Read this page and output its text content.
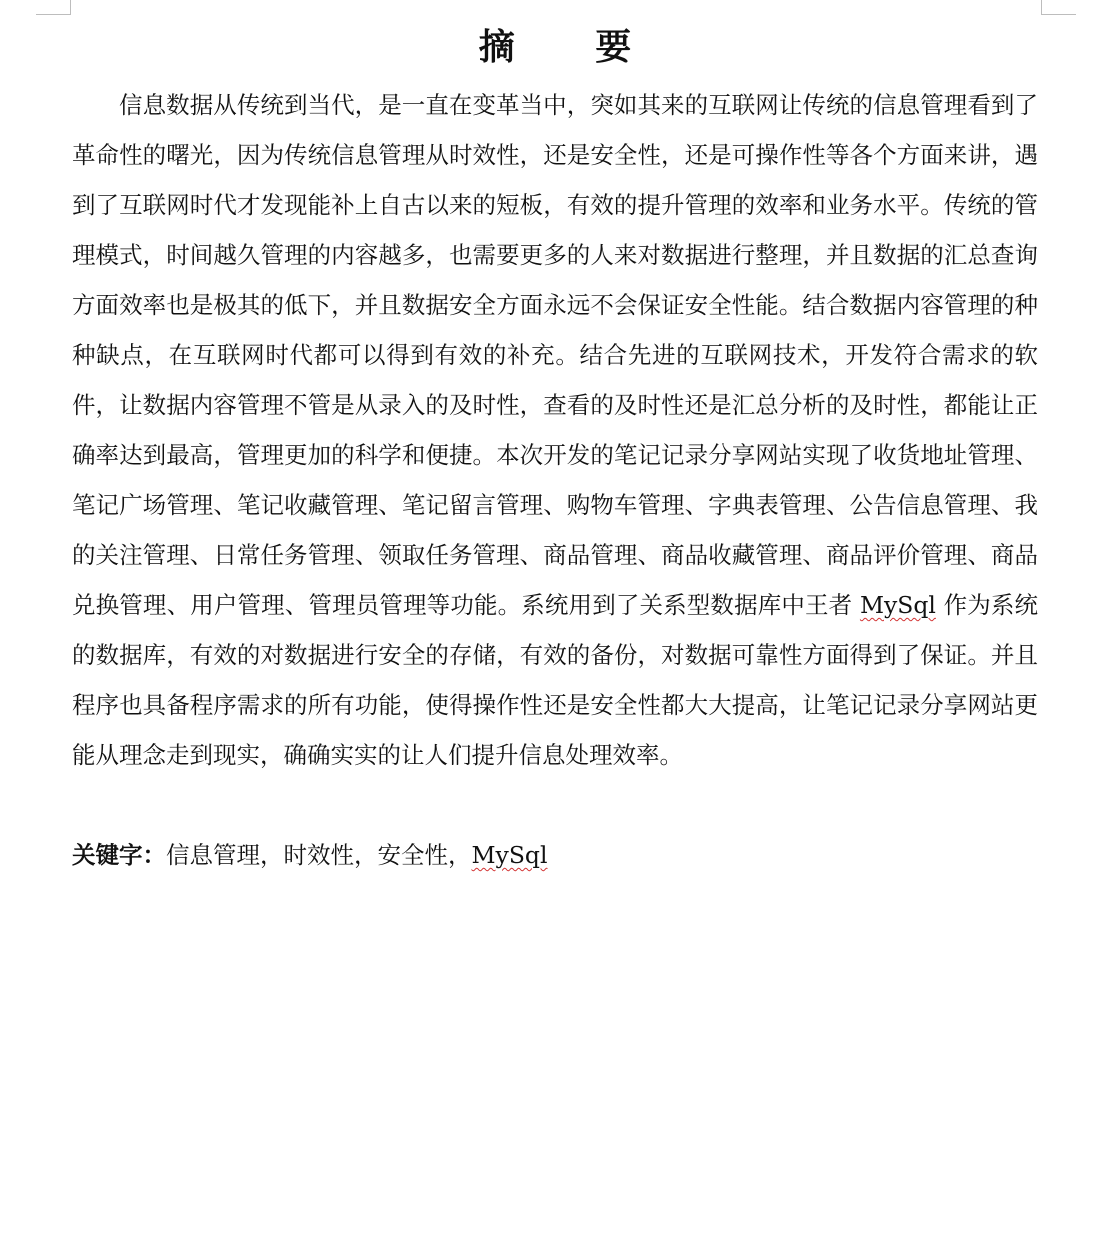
摘 要

信息数据从传统到当代，是一直在变革当中，突如其来的互联网让传统的信息管理看到了革命性的曙光，因为传统信息管理从时效性，还是安全性，还是可操作性等各个方面来讲，遇到了互联网时代才发现能补上自古以来的短板，有效的提升管理的效率和业务水平。传统的管理模式，时间越久管理的内容越多，也需要更多的人来对数据进行整理，并且数据的汇总查询方面效率也是极其的低下，并且数据安全方面永远不会保证安全性能。结合数据内容管理的种种缺点，在互联网时代都可以得到有效的补充。结合先进的互联网技术，开发符合需求的软件，让数据内容管理不管是从录入的及时性，查看的及时性还是汇总分析的及时性，都能让正确率达到最高，管理更加的科学和便捷。本次开发的笔记记录分享网站实现了收货地址管理、笔记广场管理、笔记收藏管理、笔记留言管理、购物车管理、字典表管理、公告信息管理、我的关注管理、日常任务管理、领取任务管理、商品管理、商品收藏管理、商品评价管理、商品兑换管理、用户管理、管理员管理等功能。系统用到了关系型数据库中王者 MySql 作为系统的数据库，有效的对数据进行安全的存储，有效的备份，对数据可靠性方面得到了保证。并且程序也具备程序需求的所有功能，使得操作性还是安全性都大大提高，让笔记记录分享网站更能从理念走到现实，确确实实的让人们提升信息处理效率。

关键字：信息管理，时效性，安全性，MySql
